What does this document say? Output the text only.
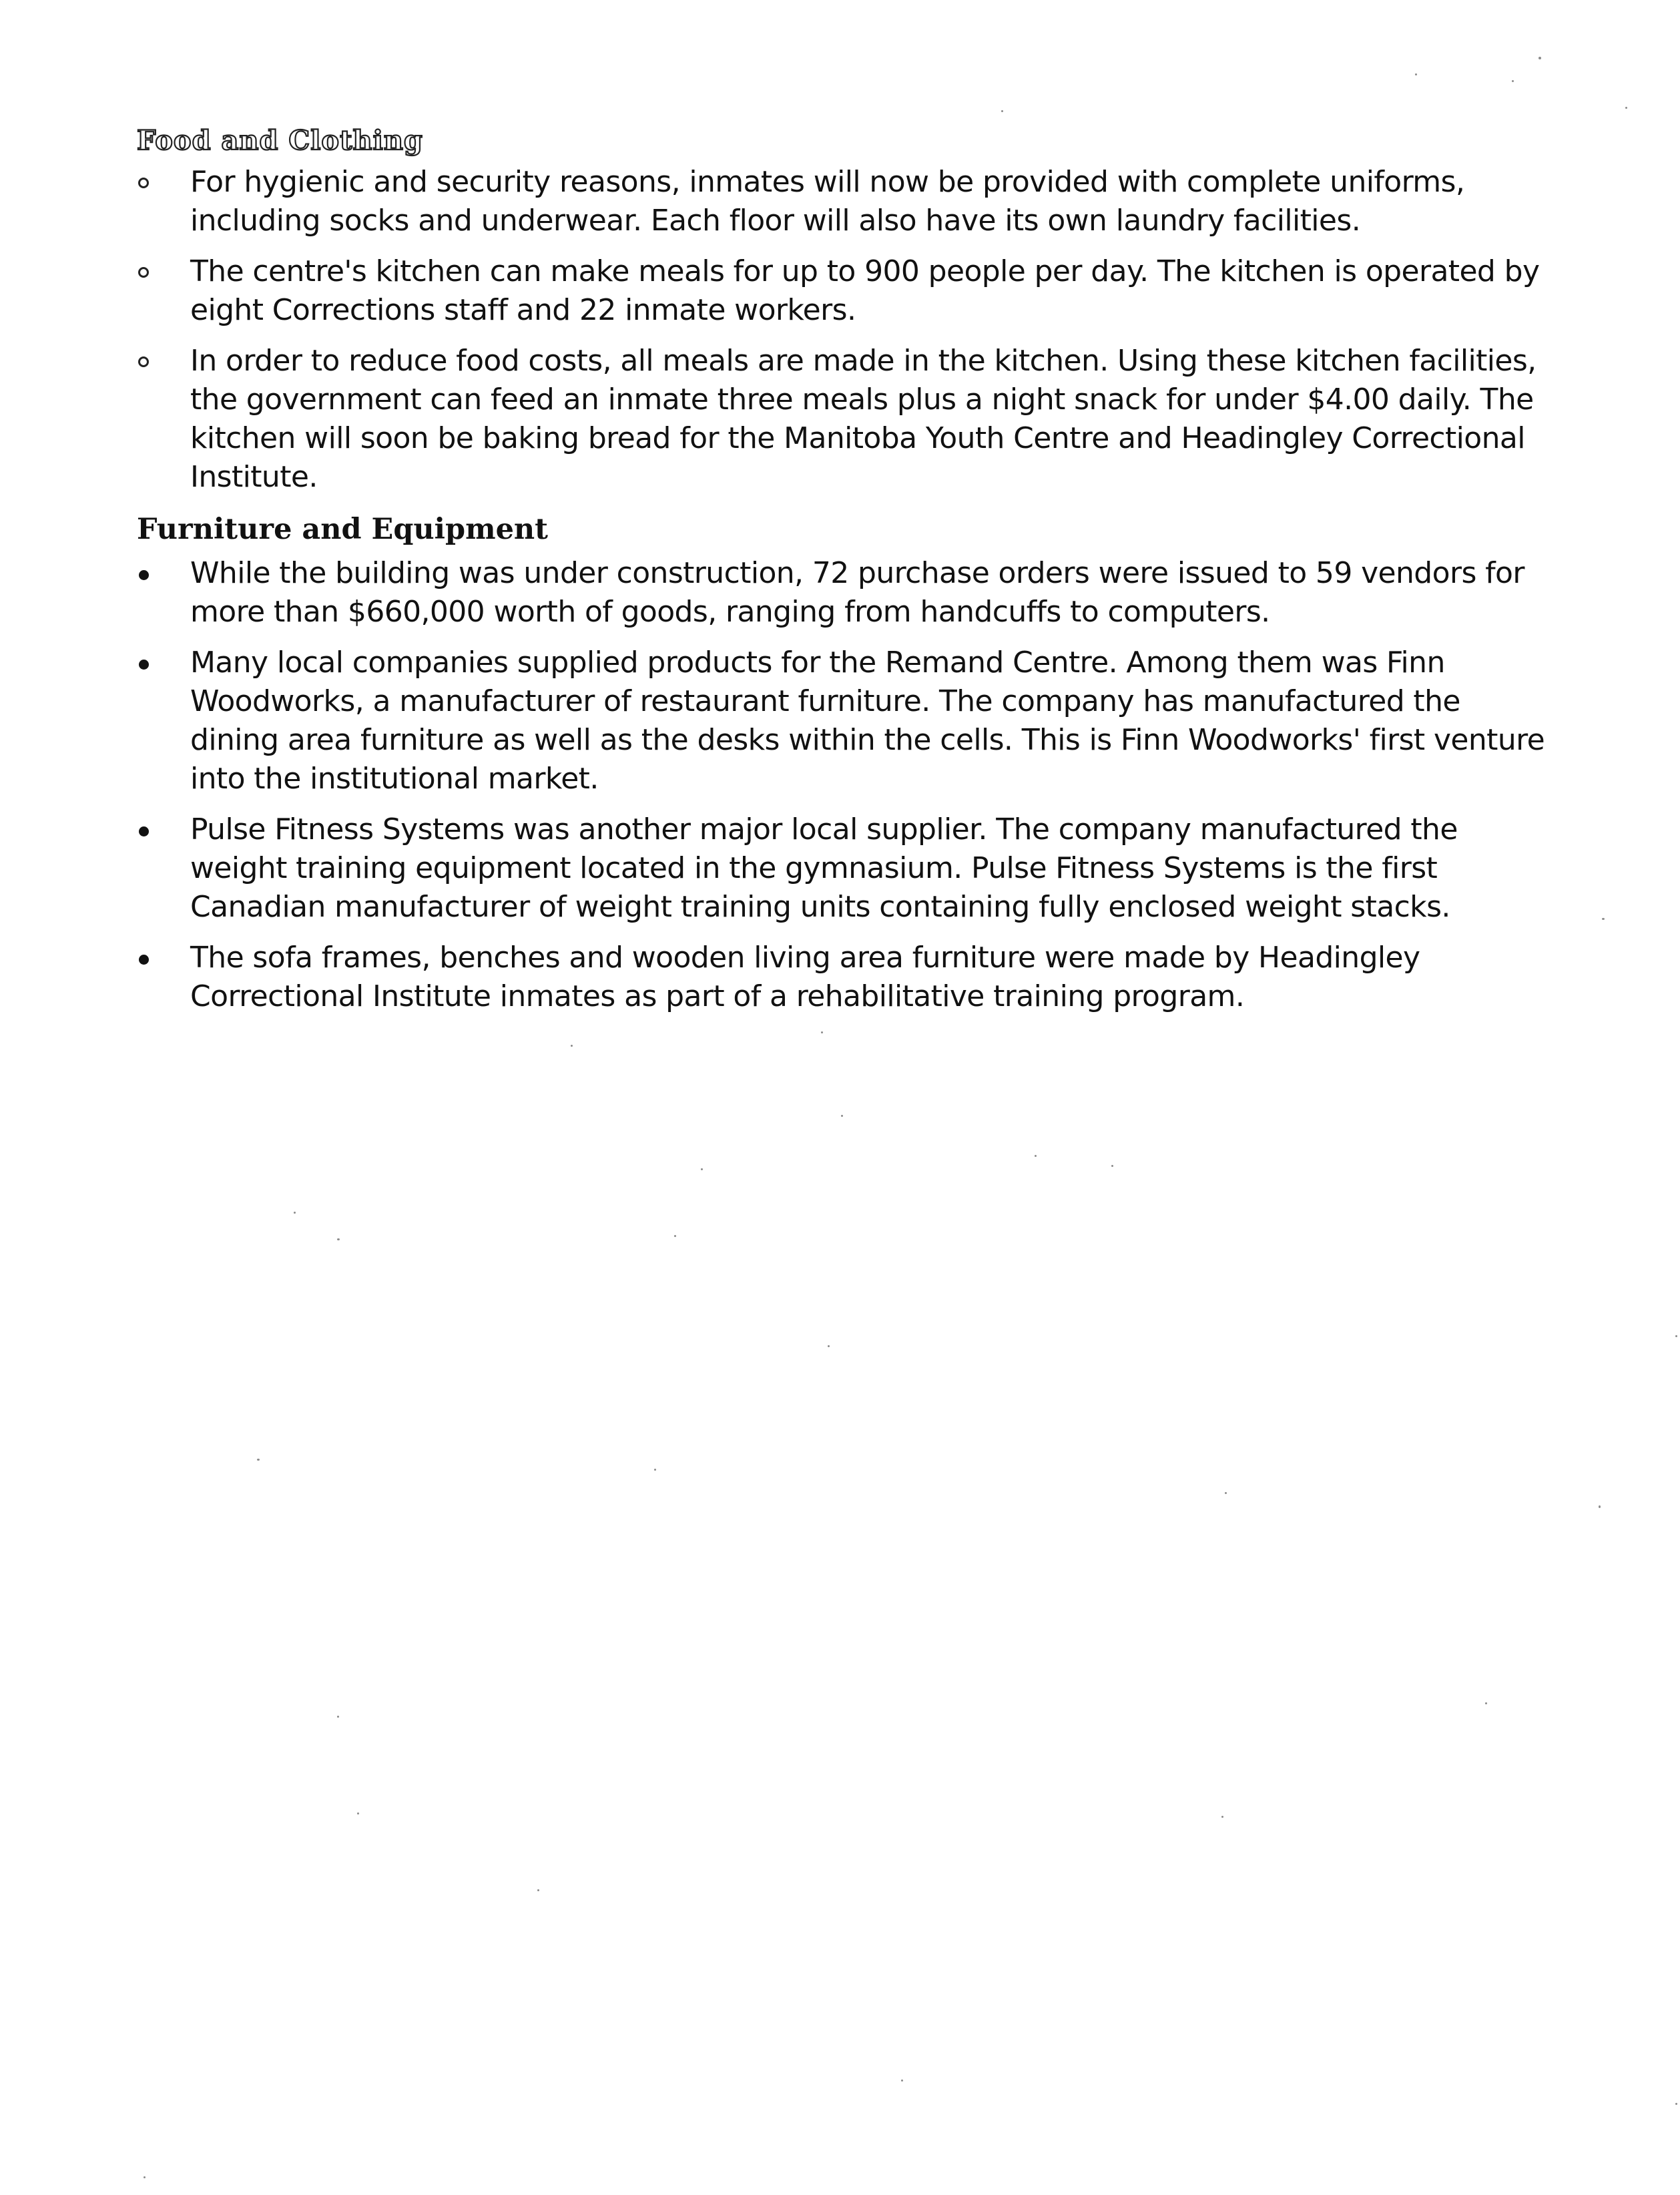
Food and Clothing
For hygienic and security reasons, inmates will now be provided with complete uniforms, including socks and underwear. Each floor will also have its own laundry facilities.
The centre's kitchen can make meals for up to 900 people per day. The kitchen is operated by eight Corrections staff and 22 inmate workers.
In order to reduce food costs, all meals are made in the kitchen. Using these kitchen facilities, the government can feed an inmate three meals plus a night snack for under $4.00 daily. The kitchen will soon be baking bread for the Manitoba Youth Centre and Headingley Correctional Institute.
Furniture and Equipment
While the building was under construction, 72 purchase orders were issued to 59 vendors for more than $660,000 worth of goods, ranging from handcuffs to computers.
Many local companies supplied products for the Remand Centre. Among them was Finn Woodworks, a manufacturer of restaurant furniture. The company has manufactured the dining area furniture as well as the desks within the cells. This is Finn Woodworks' first venture into the institutional market.
Pulse Fitness Systems was another major local supplier. The company manufactured the weight training equipment located in the gymnasium. Pulse Fitness Systems is the first Canadian manufacturer of weight training units containing fully enclosed weight stacks.
The sofa frames, benches and wooden living area furniture were made by Headingley Correctional Institute inmates as part of a rehabilitative training program.
